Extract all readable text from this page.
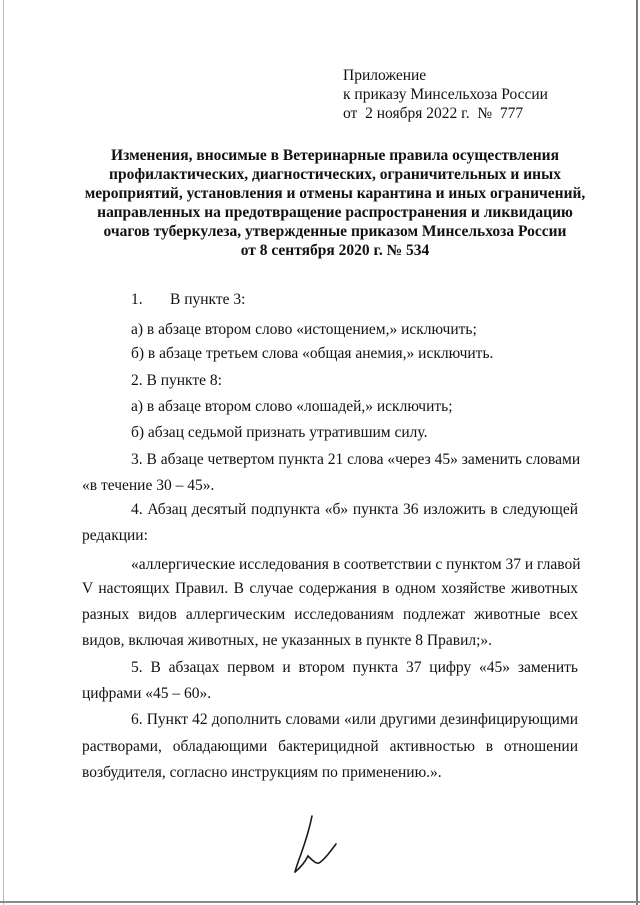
Приложение
к приказу Минсельхоза России
от  2 ноября 2022 г.  №  777
Изменения, вносимые в Ветеринарные правила осуществления
профилактических, диагностических, ограничительных и иных
мероприятий, установления и отмены карантина и иных ограничений,
направленных на предотвращение распространения и ликвидацию
очагов туберкулеза, утвержденные приказом Минсельхоза России
от 8 сентября 2020 г. № 534
1. В пункте 3:
а) в абзаце втором слово «истощением,» исключить;
б) в абзаце третьем слова «общая анемия,» исключить.
2. В пункте 8:
а) в абзаце втором слово «лошадей,» исключить;
б) абзац седьмой признать утратившим силу.
3. В абзаце четвертом пункта 21 слова «через 45» заменить словами
«в течение 30 – 45».
4. Абзац десятый подпункта «б» пункта 36 изложить в следующей
редакции:
«аллергические исследования в соответствии с пунктом 37 и главой
V настоящих Правил. В случае содержания в одном хозяйстве животных
разных видов аллергическим исследованиям подлежат животные всех
видов, включая животных, не указанных в пункте 8 Правил;».
5. В абзацах первом и втором пункта 37 цифру «45» заменить
цифрами «45 – 60».
6. Пункт 42 дополнить словами «или другими дезинфицирующими
растворами, обладающими бактерицидной активностью в отношении
возбудителя, согласно инструкциям по применению.».
